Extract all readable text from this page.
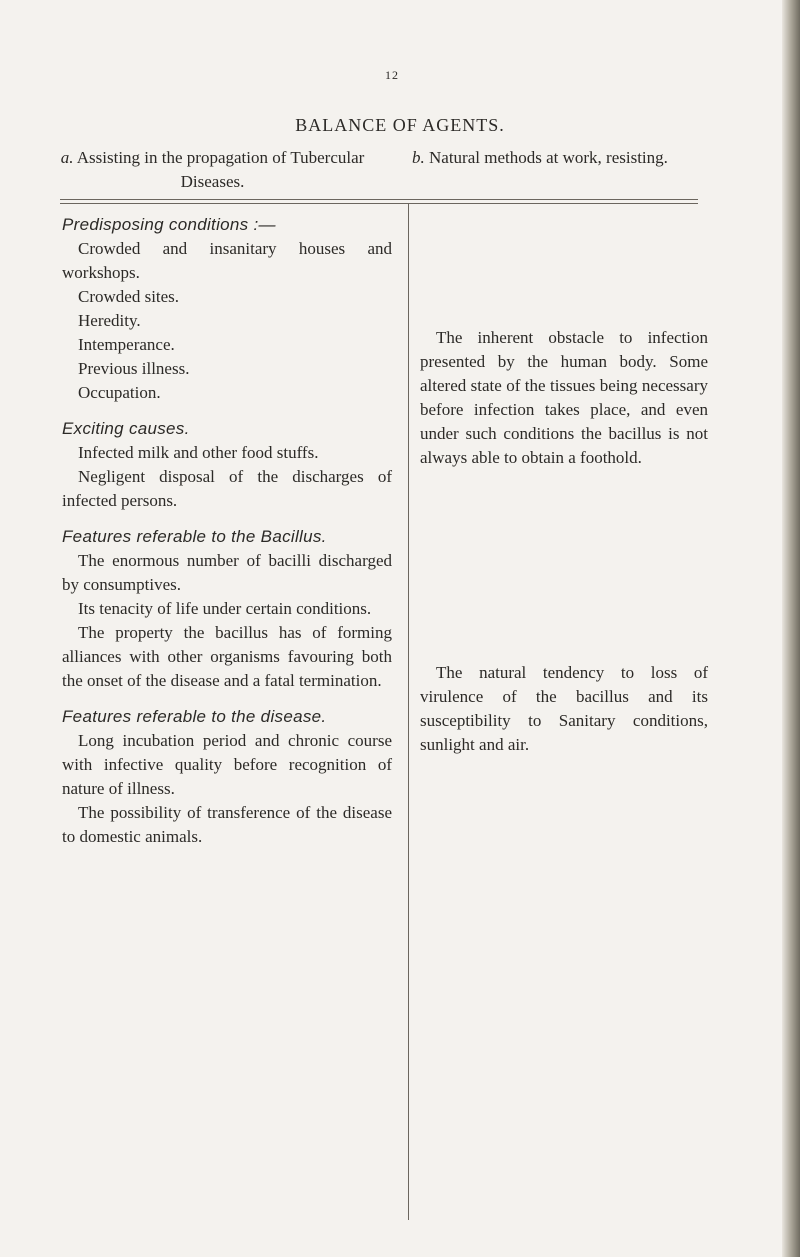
12
BALANCE OF AGENTS.
a. Assisting in the propagation of Tubercular Diseases.
b. Natural methods at work, resisting.
Predisposing conditions :—
Crowded and insanitary houses and workshops.
Crowded sites.
Heredity.
Intemperance.
Previous illness.
Occupation.
Exciting causes.
Infected milk and other food stuffs.
Negligent disposal of the discharges of infected persons.
Features referable to the Bacillus.
The enormous number of bacilli discharged by consumptives.
Its tenacity of life under certain conditions.
The property the bacillus has of forming alliances with other organisms favouring both the onset of the disease and a fatal termination.
Features referable to the disease.
Long incubation period and chronic course with infective quality before recognition of nature of illness.
The possibility of transference of the disease to domestic animals.
The inherent obstacle to infection presented by the human body. Some altered state of the tissues being necessary before infection takes place, and even under such conditions the bacillus is not always able to obtain a foothold.
The natural tendency to loss of virulence of the bacillus and its susceptibility to Sanitary conditions, sunlight and air.
